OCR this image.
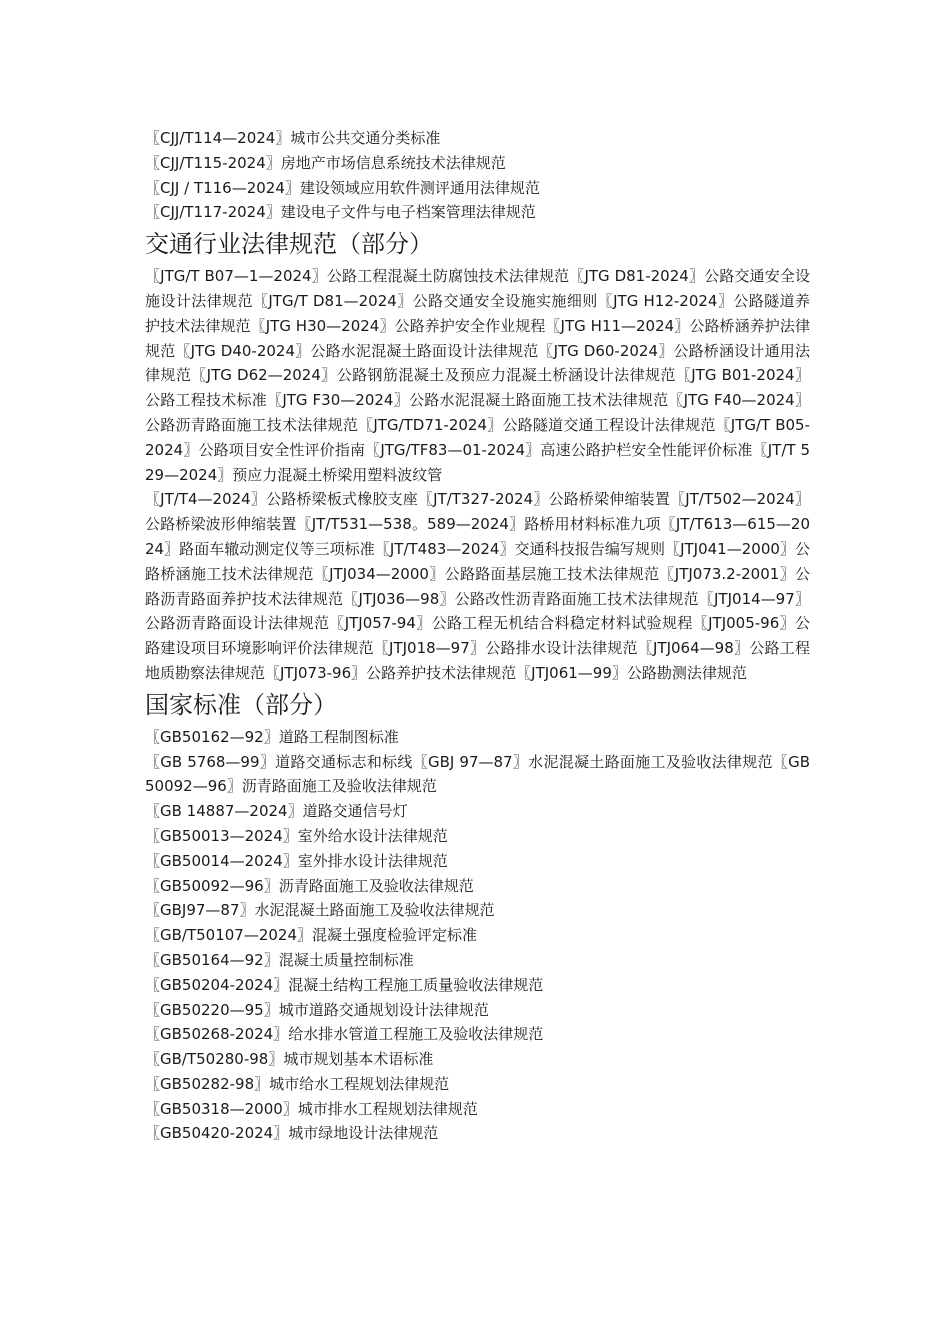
〖CJJ/T114—2024〗城市公共交通分类标准
〖CJJ/T115-2024〗房地产市场信息系统技术法律规范
〖CJJ / T116—2024〗建设领域应用软件测评通用法律规范
〖CJJ/T117-2024〗建设电子文件与电子档案管理法律规范
交通行业法律规范（部分）
〖JTG/T B07—1—2024〗公路工程混凝土防腐蚀技术法律规范〖JTG D81-2024〗公路交通安全设施设计法律规范〖JTG/T D81—2024〗公路交通安全设施实施细则〖JTG H12-2024〗公路隧道养护技术法律规范〖JTG H30—2024〗公路养护安全作业规程〖JTG H11—2024〗公路桥涵养护法律规范〖JTG D40-2024〗公路水泥混凝土路面设计法律规范〖JTG D60-2024〗公路桥涵设计通用法律规范〖JTG D62—2024〗公路钢筋混凝土及预应力混凝土桥涵设计法律规范〖JTG B01-2024〗公路工程技术标准〖JTG F30—2024〗公路水泥混凝土路面施工技术法律规范〖JTG F40—2024〗公路沥青路面施工技术法律规范〖JTG/TD71-2024〗公路隧道交通工程设计法律规范〖JTG/T B05-2024〗公路项目安全性评价指南〖JTG/TF83—01-2024〗高速公路护栏安全性能评价标准〖JT/T 529—2024〗预应力混凝土桥梁用塑料波纹管
〖JT/T4—2024〗公路桥梁板式橡胶支座〖JT/T327-2024〗公路桥梁伸缩装置〖JT/T502—2024〗公路桥梁波形伸缩装置〖JT/T531—538。589—2024〗路桥用材料标准九项〖JT/T613—615—2024〗路面车辙动测定仪等三项标准〖JT/T483—2024〗交通科技报告编写规则〖JTJ041—2000〗公路桥涵施工技术法律规范〖JTJ034—2000〗公路路面基层施工技术法律规范〖JTJ073.2-2001〗公路沥青路面养护技术法律规范〖JTJ036—98〗公路改性沥青路面施工技术法律规范〖JTJ014—97〗公路沥青路面设计法律规范〖JTJ057-94〗公路工程无机结合料稳定材料试验规程〖JTJ005-96〗公路建设项目环境影响评价法律规范〖JTJ018—97〗公路排水设计法律规范〖JTJ064—98〗公路工程地质勘察法律规范〖JTJ073-96〗公路养护技术法律规范〖JTJ061—99〗公路勘测法律规范
国家标准（部分）
〖GB50162—92〗道路工程制图标准
〖GB 5768—99〗道路交通标志和标线〖GBJ 97—87〗水泥混凝土路面施工及验收法律规范〖GB 50092—96〗沥青路面施工及验收法律规范
〖GB 14887—2024〗道路交通信号灯
〖GB50013—2024〗室外给水设计法律规范
〖GB50014—2024〗室外排水设计法律规范
〖GB50092—96〗沥青路面施工及验收法律规范
〖GBJ97—87〗水泥混凝土路面施工及验收法律规范
〖GB/T50107—2024〗混凝土强度检验评定标准
〖GB50164—92〗混凝土质量控制标准
〖GB50204-2024〗混凝土结构工程施工质量验收法律规范
〖GB50220—95〗城市道路交通规划设计法律规范
〖GB50268-2024〗给水排水管道工程施工及验收法律规范
〖GB/T50280-98〗城市规划基本术语标准
〖GB50282-98〗城市给水工程规划法律规范
〖GB50318—2000〗城市排水工程规划法律规范
〖GB50420-2024〗城市绿地设计法律规范
